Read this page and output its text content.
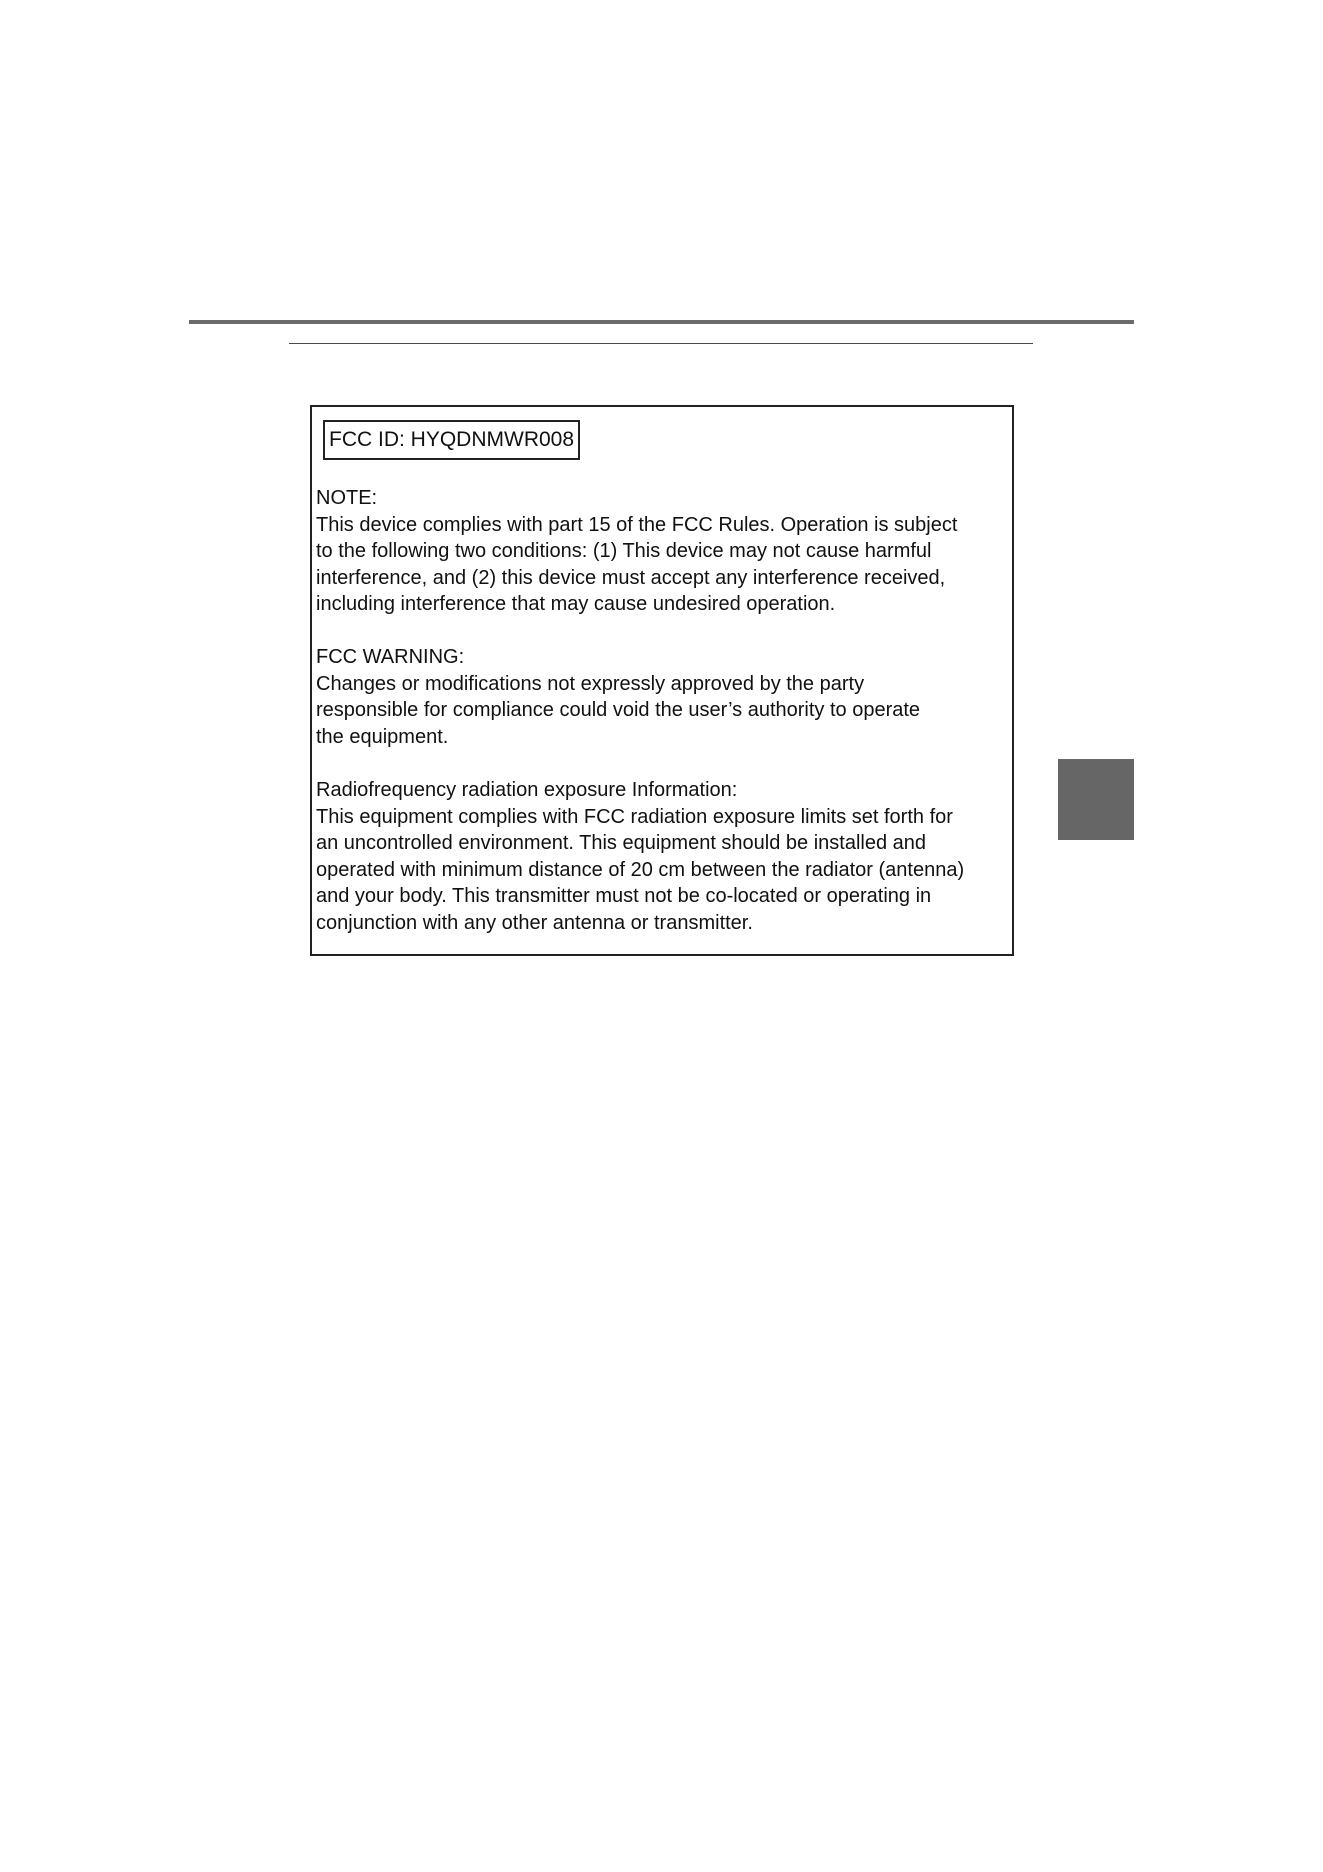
FCC ID: HYQDNMWR008
NOTE:
This device complies with part 15 of the FCC Rules. Operation is subject
to the following two conditions: (1) This device may not cause harmful
interference, and (2) this device must accept any interference received,
including interference that may cause undesired operation.
FCC WARNING:
Changes or modifications not expressly approved by the party
responsible for compliance could void the user’s authority to operate
the equipment.
Radiofrequency radiation exposure Information:
This equipment complies with FCC radiation exposure limits set forth for
an uncontrolled environment. This equipment should be installed and
operated with minimum distance of 20 cm between the radiator (antenna)
and your body. This transmitter must not be co-located or operating in
conjunction with any other antenna or transmitter.
